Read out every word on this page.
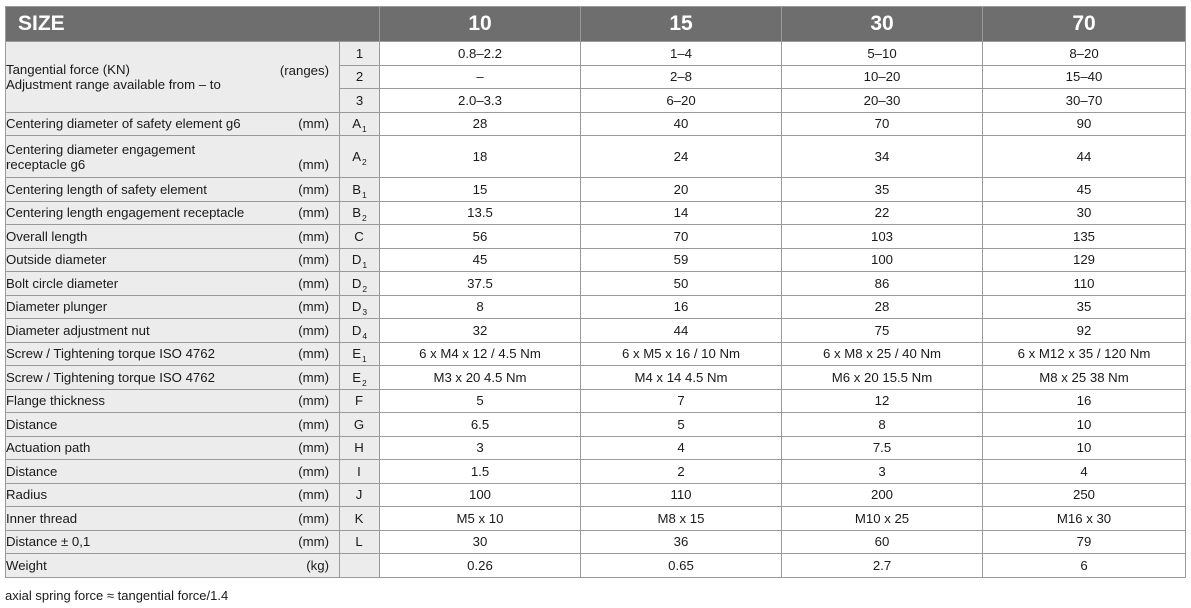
SIZE		10	15	30	70

Tangential force (KN)
Adjustment range available from – to
(ranges)	1	0.8–2.2	1–4	5–10	8–20
	2	–	2–8	10–20	15–40
	3	2.0–3.3	6–20	20–30	30–70

Centering diameter of safety element g6 (mm)	$A_1$	28	40	70	90

Centering diameter engagement receptacle g6 (mm)	$A_2$	18	24	34	44

Centering length of safety element (mm)	$B_1$	15	20	35	45

Centering length engagement receptacle (mm)	$B_2$	13.5	14	22	30

Overall length (mm)	C	56	70	103	135

Outside diameter (mm)	$D_1$	45	59	100	129

Bolt circle diameter (mm)	$D_2$	37.5	50	86	110

Diameter plunger (mm)	$D_3$	8	16	28	35

Diameter adjustment nut (mm)	$D_4$	32	44	75	92

Screw / Tightening torque ISO 4762 (mm)	$E_1$	6 x M4 x 12 / 4.5 Nm	6 x M5 x 16 / 10 Nm	6 x M8 x 25 / 40 Nm	6 x M12 x 35 / 120 Nm

Screw / Tightening torque ISO 4762 (mm)	$E_2$	M3 x 20 4.5 Nm	M4 x 14 4.5 Nm	M6 x 20 15.5 Nm	M8 x 25 38 Nm

Flange thickness (mm)	F	5	7	12	16

Distance (mm)	G	6.5	5	8	10

Actuation path (mm)	H	3	4	7.5	10

Distance (mm)	I	1.5	2	3	4

Radius (mm)	J	100	110	200	250

Inner thread (mm)	K	M5 x 10	M8 x 15	M10 x 25	M16 x 30

Distance ± 0,1 (mm)	L	30	36	60	79

Weight (kg)		0.26	0.65	2.7	6
axial spring force ≈ tangential force/1.4
